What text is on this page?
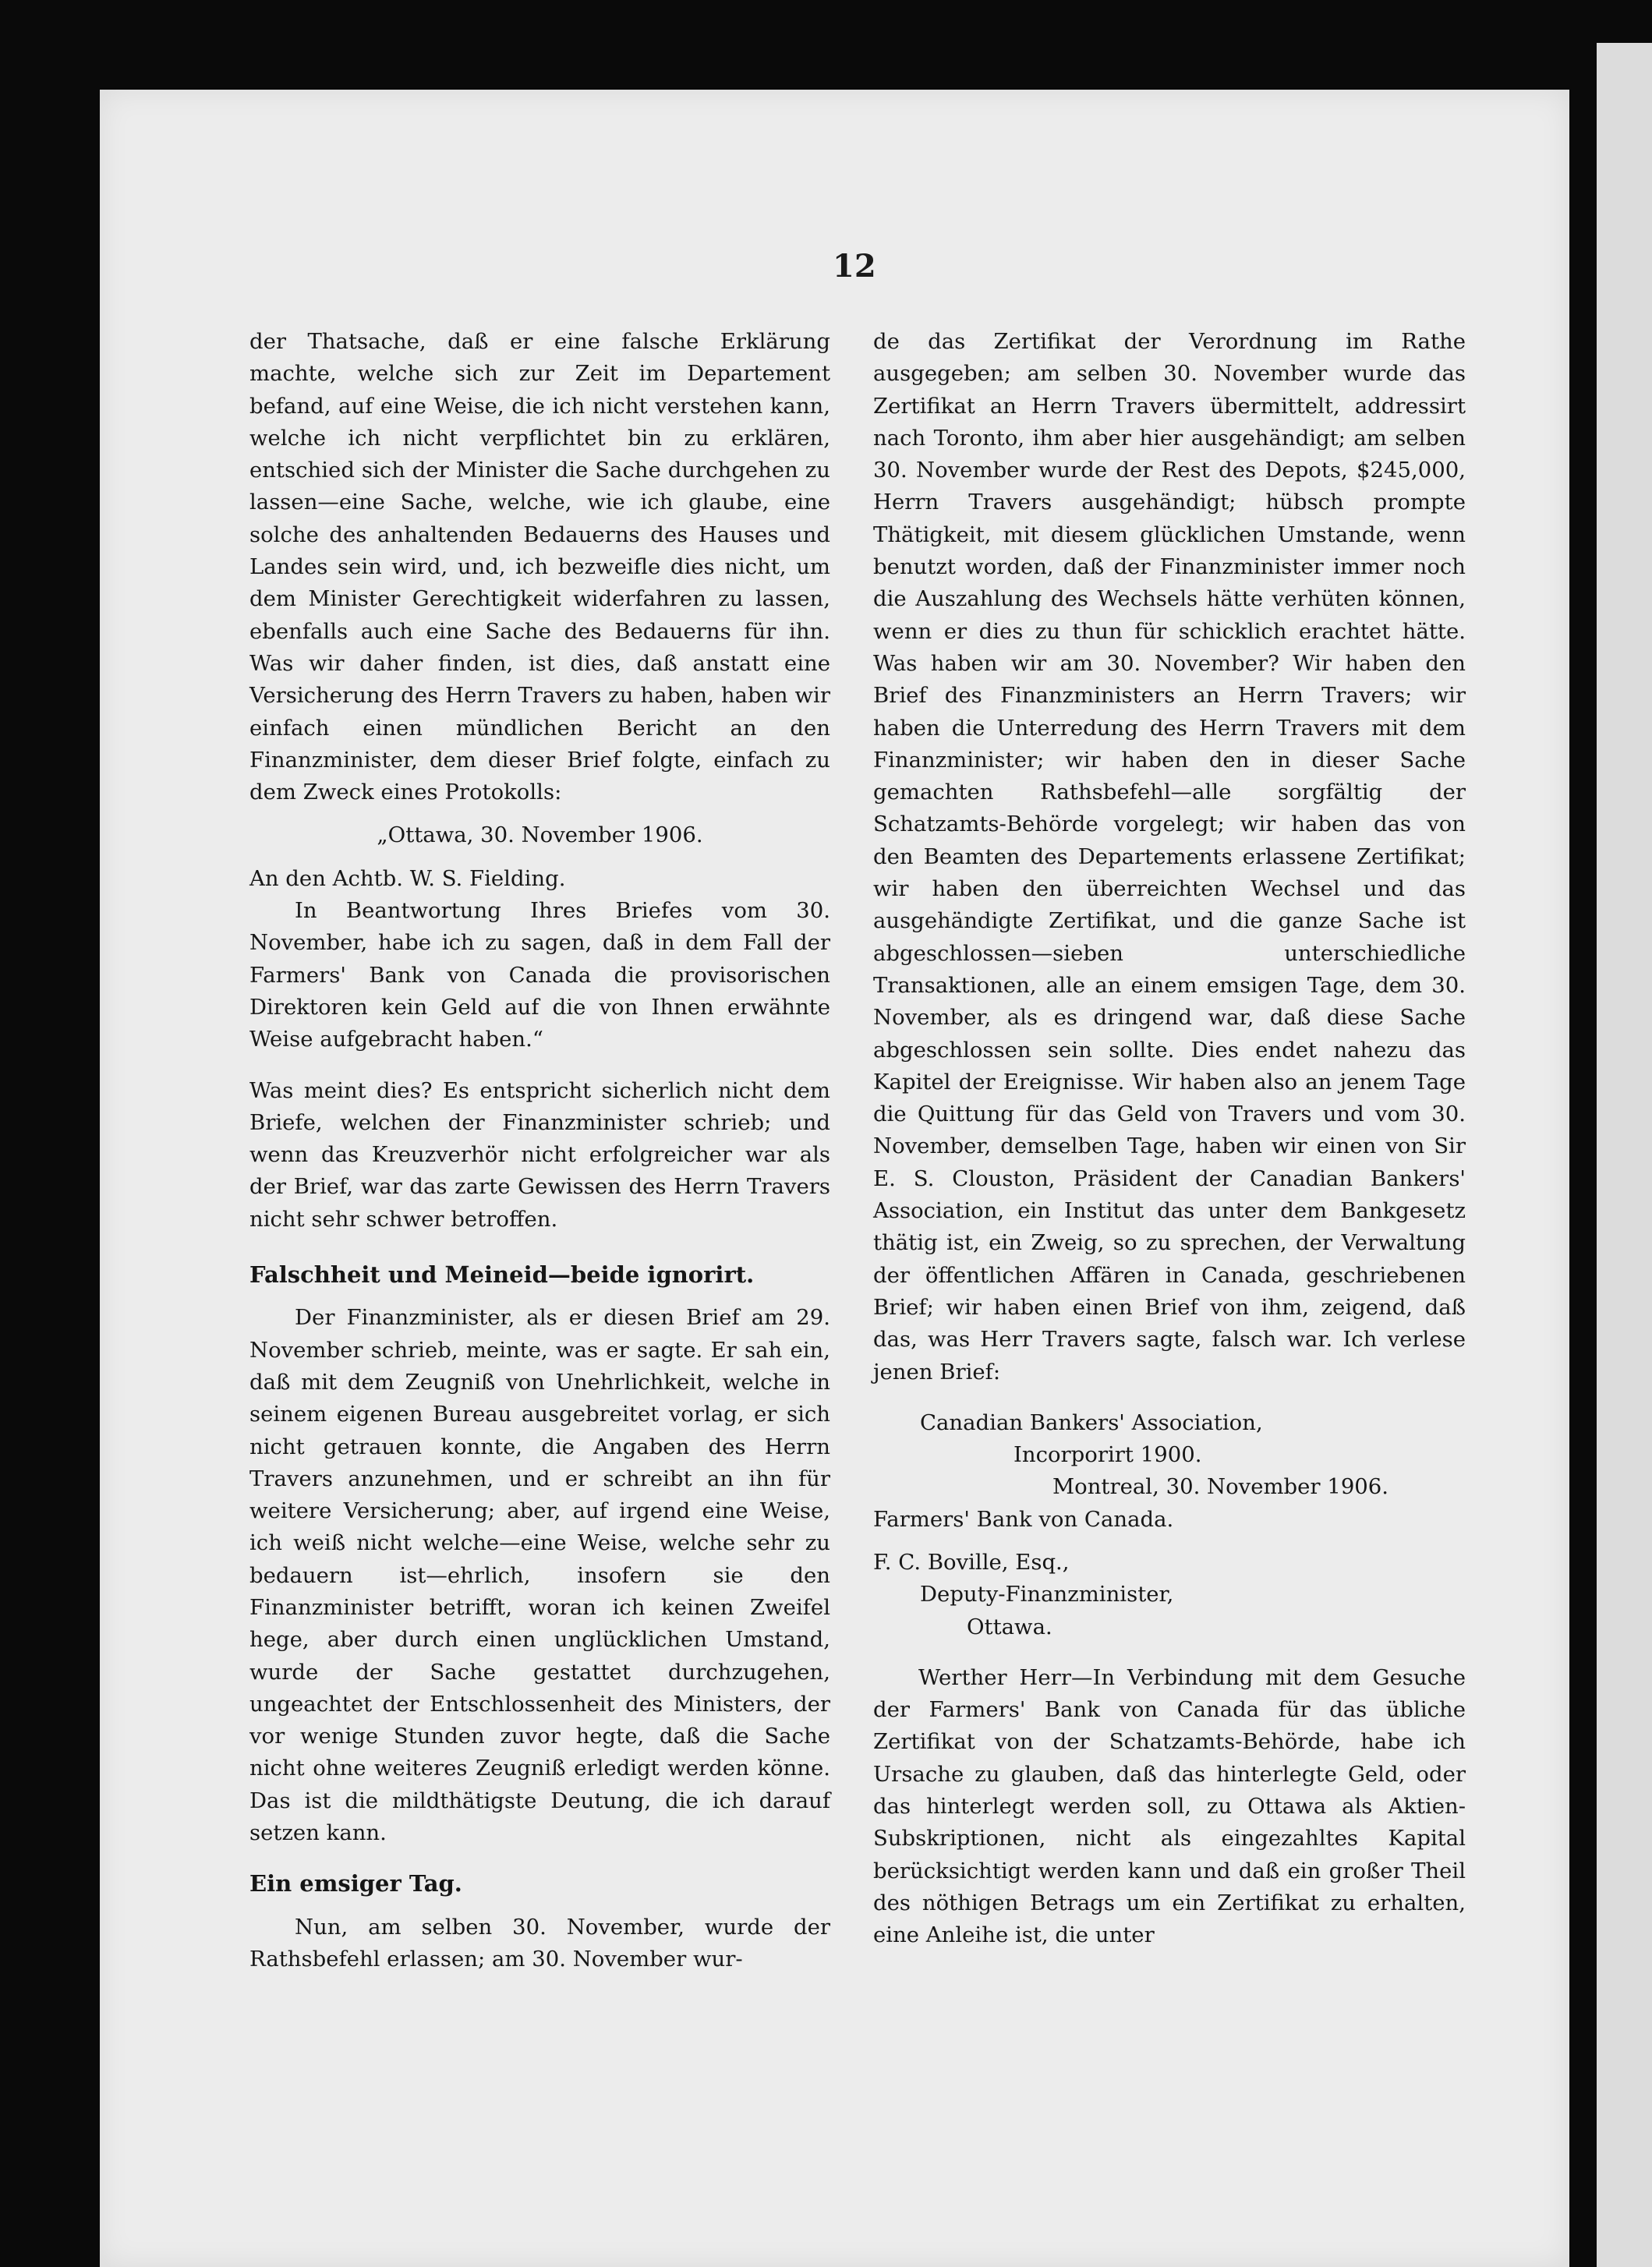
12

der Thatsache, daß er eine falsche Erklärung machte, welche sich zur Zeit im Departement befand, auf eine Weise, die ich nicht verstehen kann, welche ich nicht verpflichtet bin zu erklären, entschied sich der Minister die Sache durchgehen zu lassen—eine Sache, welche, wie ich glaube, eine solche des anhaltenden Bedauerns des Hauses und Landes sein wird, und, ich bezweifle dies nicht, um dem Minister Gerechtigkeit widerfahren zu lassen, ebenfalls auch eine Sache des Bedauerns für ihn. Was wir daher finden, ist dies, daß anstatt eine Versicherung des Herrn Travers zu haben, haben wir einfach einen mündlichen Bericht an den Finanzminister, dem dieser Brief folgte, einfach zu dem Zweck eines Protokolls:

„Ottawa, 30. November 1906.

An den Achtb. W. S. Fielding.

In Beantwortung Ihres Briefes vom 30. November, habe ich zu sagen, daß in dem Fall der Farmers' Bank von Canada die provisorischen Direktoren kein Geld auf die von Ihnen erwähnte Weise aufgebracht haben.“

Was meint dies? Es entspricht sicherlich nicht dem Briefe, welchen der Finanzminister schrieb; und wenn das Kreuzverhör nicht erfolgreicher war als der Brief, war das zarte Gewissen des Herrn Travers nicht sehr schwer betroffen.

Falschheit und Meineid—beide ignorirt.

Der Finanzminister, als er diesen Brief am 29. November schrieb, meinte, was er sagte. Er sah ein, daß mit dem Zeugniß von Unehrlichkeit, welche in seinem eigenen Bureau ausgebreitet vorlag, er sich nicht getrauen konnte, die Angaben des Herrn Travers anzunehmen, und er schreibt an ihn für weitere Versicherung; aber, auf irgend eine Weise, ich weiß nicht welche—eine Weise, welche sehr zu bedauern ist—ehrlich, insofern sie den Finanzminister betrifft, woran ich keinen Zweifel hege, aber durch einen unglücklichen Umstand, wurde der Sache gestattet durchzugehen, ungeachtet der Entschlossenheit des Ministers, der vor wenige Stunden zuvor hegte, daß die Sache nicht ohne weiteres Zeugniß erledigt werden könne. Das ist die mildthätigste Deutung, die ich darauf setzen kann.

Ein emsiger Tag.

Nun, am selben 30. November, wurde der Rathsbefehl erlassen; am 30. November wur-

de das Zertifikat der Verordnung im Rathe ausgegeben; am selben 30. November wurde das Zertifikat an Herrn Travers übermittelt, addressirt nach Toronto, ihm aber hier ausgehändigt; am selben 30. November wurde der Rest des Depots, $245,000, Herrn Travers ausgehändigt; hübsch prompte Thätigkeit, mit diesem glücklichen Umstande, wenn benutzt worden, daß der Finanzminister immer noch die Auszahlung des Wechsels hätte verhüten können, wenn er dies zu thun für schicklich erachtet hätte. Was haben wir am 30. November? Wir haben den Brief des Finanzministers an Herrn Travers; wir haben die Unterredung des Herrn Travers mit dem Finanzminister; wir haben den in dieser Sache gemachten Rathsbefehl—alle sorgfältig der Schatzamts-Behörde vorgelegt; wir haben das von den Beamten des Departements erlassene Zertifikat; wir haben den überreichten Wechsel und das ausgehändigte Zertifikat, und die ganze Sache ist abgeschlossen—sieben unterschiedliche Transaktionen, alle an einem emsigen Tage, dem 30. November, als es dringend war, daß diese Sache abgeschlossen sein sollte. Dies endet nahezu das Kapitel der Ereignisse. Wir haben also an jenem Tage die Quittung für das Geld von Travers und vom 30. November, demselben Tage, haben wir einen von Sir E. S. Clouston, Präsident der Canadian Bankers' Association, ein Institut das unter dem Bankgesetz thätig ist, ein Zweig, so zu sprechen, der Verwaltung der öffentlichen Affären in Canada, geschriebenen Brief; wir haben einen Brief von ihm, zeigend, daß das, was Herr Travers sagte, falsch war. Ich verlese jenen Brief:

Canadian Bankers' Association,

Incorporirt 1900.

Montreal, 30. November 1906.

Farmers' Bank von Canada.

F. C. Boville, Esq.,

Deputy-Finanzminister,

Ottawa.

Werther Herr—In Verbindung mit dem Gesuche der Farmers' Bank von Canada für das übliche Zertifikat von der Schatzamts-Behörde, habe ich Ursache zu glauben, daß das hinterlegte Geld, oder das hinterlegt werden soll, zu Ottawa als Aktien-Subskriptionen, nicht als eingezahltes Kapital berücksichtigt werden kann und daß ein großer Theil des nöthigen Betrags um ein Zertifikat zu erhalten, eine Anleihe ist, die unter
